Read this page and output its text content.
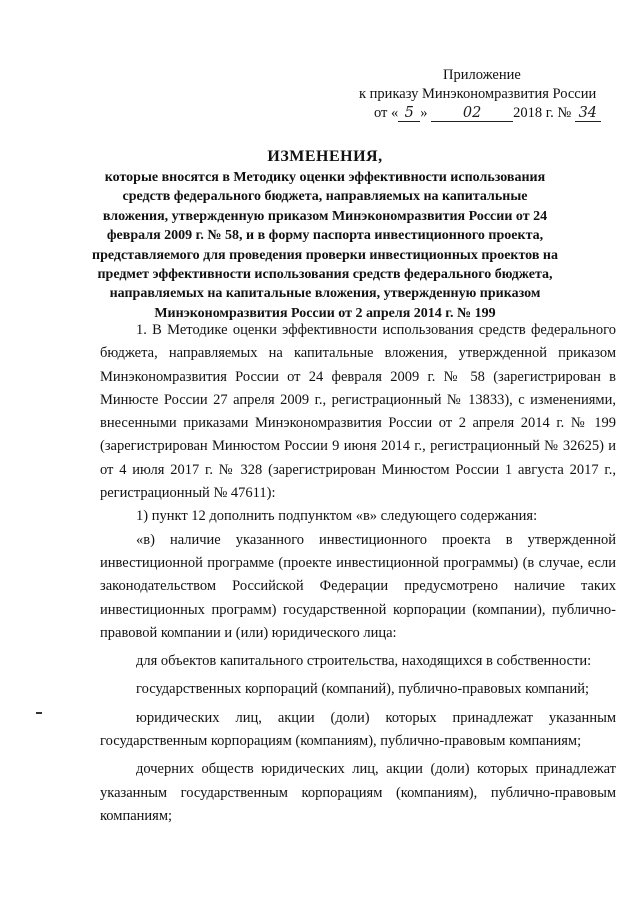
Приложение
к приказу Минэкономразвития России
от « 5 » 02 2018 г. № 34
ИЗМЕНЕНИЯ,
которые вносятся в Методику оценки эффективности использования средств федерального бюджета, направляемых на капитальные вложения, утвержденную приказом Минэкономразвития России от 24 февраля 2009 г. № 58, и в форму паспорта инвестиционного проекта, представляемого для проведения проверки инвестиционных проектов на предмет эффективности использования средств федерального бюджета, направляемых на капитальные вложения, утвержденную приказом Минэкономразвития России от 2 апреля 2014 г. № 199

1. В Методике оценки эффективности использования средств федерального бюджета, направляемых на капитальные вложения, утвержденной приказом Минэкономразвития России от 24 февраля 2009 г. № 58 (зарегистрирован в Минюсте России 27 апреля 2009 г., регистрационный № 13833), с изменениями, внесенными приказами Минэкономразвития России от 2 апреля 2014 г. № 199 (зарегистрирован Минюстом России 9 июня 2014 г., регистрационный № 32625) и от 4 июля 2017 г. № 328 (зарегистрирован Минюстом России 1 августа 2017 г., регистрационный № 47611):

1) пункт 12 дополнить подпунктом «в» следующего содержания:

«в) наличие указанного инвестиционного проекта в утвержденной инвестиционной программе (проекте инвестиционной программы) (в случае, если законодательством Российской Федерации предусмотрено наличие таких инвестиционных программ) государственной корпорации (компании), публично-правовой компании и (или) юридического лица:

для объектов капитального строительства, находящихся в собственности:

государственных корпораций (компаний), публично-правовых компаний;

юридических лиц, акции (доли) которых принадлежат указанным государственным корпорациям (компаниям), публично-правовым компаниям;

дочерних обществ юридических лиц, акции (доли) которых принадлежат указанным государственным корпорациям (компаниям), публично-правовым компаниям;
